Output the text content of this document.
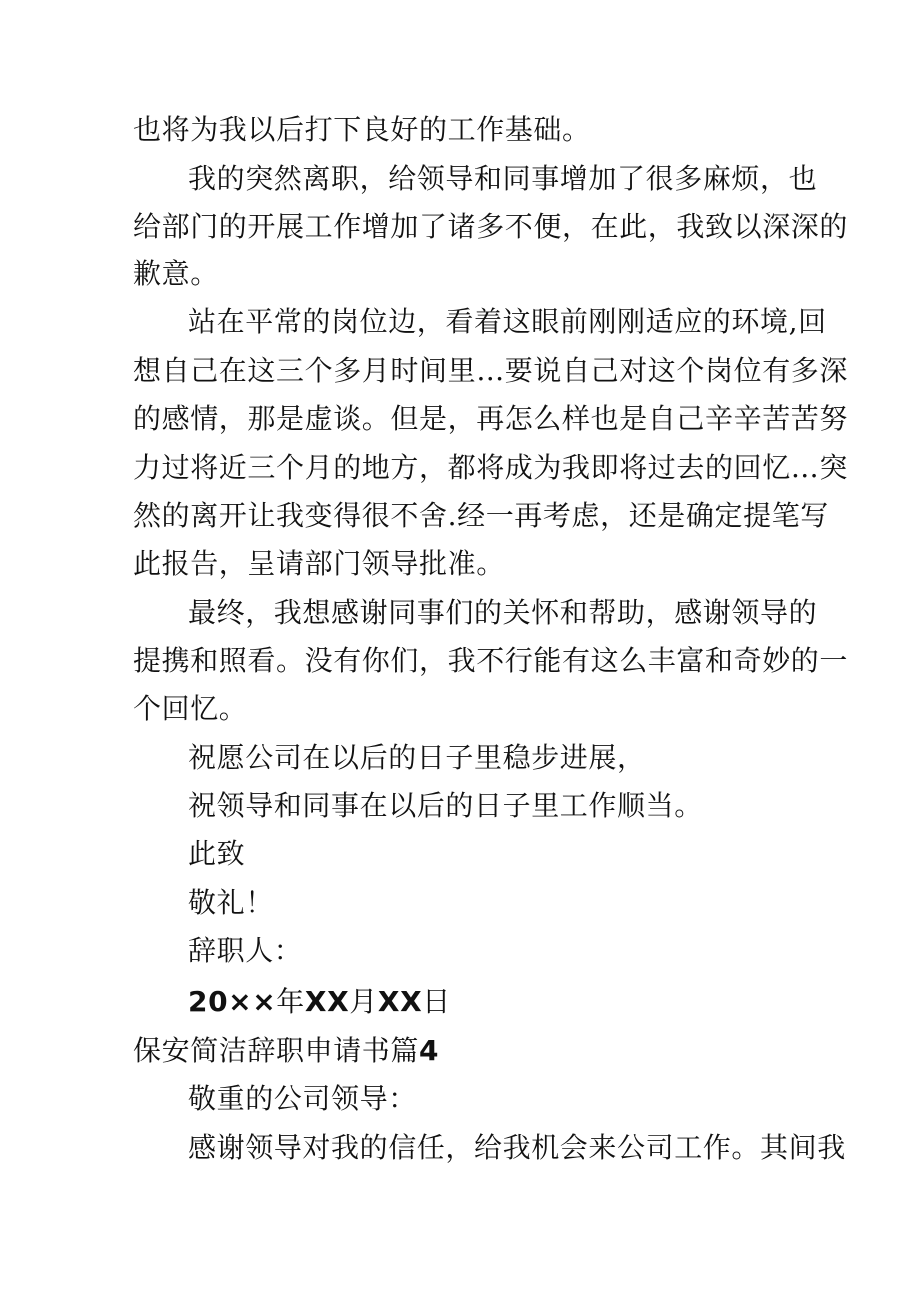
也将为我以后打下良好的工作基础。
我的突然离职，给领导和同事增加了很多麻烦，也
给部门的开展工作增加了诸多不便，在此，我致以深深的
歉意。
站在平常的岗位边，看着这眼前刚刚适应的环境,回
想自己在这三个多月时间里…要说自己对这个岗位有多深
的感情，那是虚谈。但是，再怎么样也是自己辛辛苦苦努
力过将近三个月的地方，都将成为我即将过去的回忆…突
然的离开让我变得很不舍.经一再考虑，还是确定提笔写
此报告，呈请部门领导批准。
最终，我想感谢同事们的关怀和帮助，感谢领导的
提携和照看。没有你们，我不行能有这么丰富和奇妙的一
个回忆。
祝愿公司在以后的日子里稳步进展，
祝领导和同事在以后的日子里工作顺当。
此致
敬礼！
辞职人：
20××年XX月XX日
保安简洁辞职申请书篇4
敬重的公司领导：
感谢领导对我的信任，给我机会来公司工作。其间我
